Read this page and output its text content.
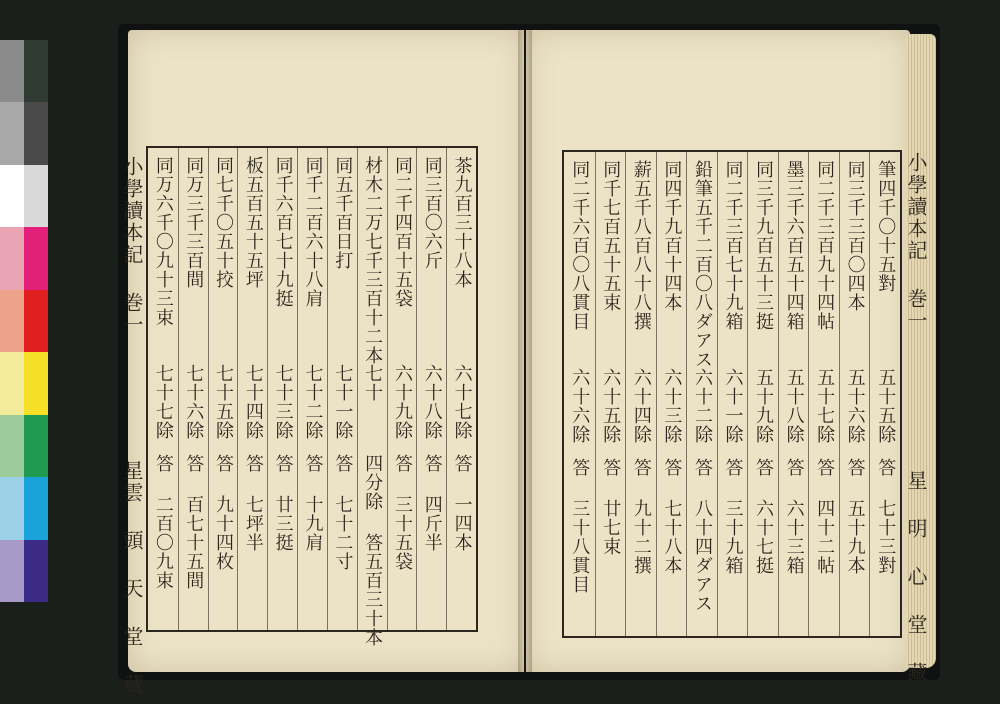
茶九百三十八本
六十七除
答 一四本
同三百〇六斤
六十八除
答 四斤半
同二千四百十五袋
六十九除
答 三十五袋
材木二万七千三百十二本
七十
四分除 答五百三十本
同五千百日打
七十一除
答 七十二寸
同千二百六十八肩
七十二除
答 十九肩
同千六百七十九挺
七十三除
答 廿三挺
板五百五十五坪
七十四除
答 七坪半
同七千〇五十挍
七十五除
答 九十四枚
同万三千三百間
七十六除
答 百七十五間
同万六千〇九十三束
七十七除
答 二百〇九束
小學讀本記 巻一
星雲 頭 天 堂 蔵
筆四千〇十五對
五十五除
答 七十三對
同三千三百〇四本
五十六除
答 五十九本
同二千三百九十四帖
五十七除
答 四十二帖
墨三千六百五十四箱
五十八除
答 六十三箱
同三千九百五十三挺
五十九除
答 六十七挺
同二千三百七十九箱
六十一除
答 三十九箱
鉛筆五千二百〇八ダアス
六十二除
答 八十四ダアス
同四千九百十四本
六十三除
答 七十八本
薪五千八百八十八撰
六十四除
答 九十二撰
同千七百五十五束
六十五除
答 廿七束
同二千六百〇八貫目
六十六除
答 三十八貫目
小學讀本記 巻一
星 明 心 堂 藏
